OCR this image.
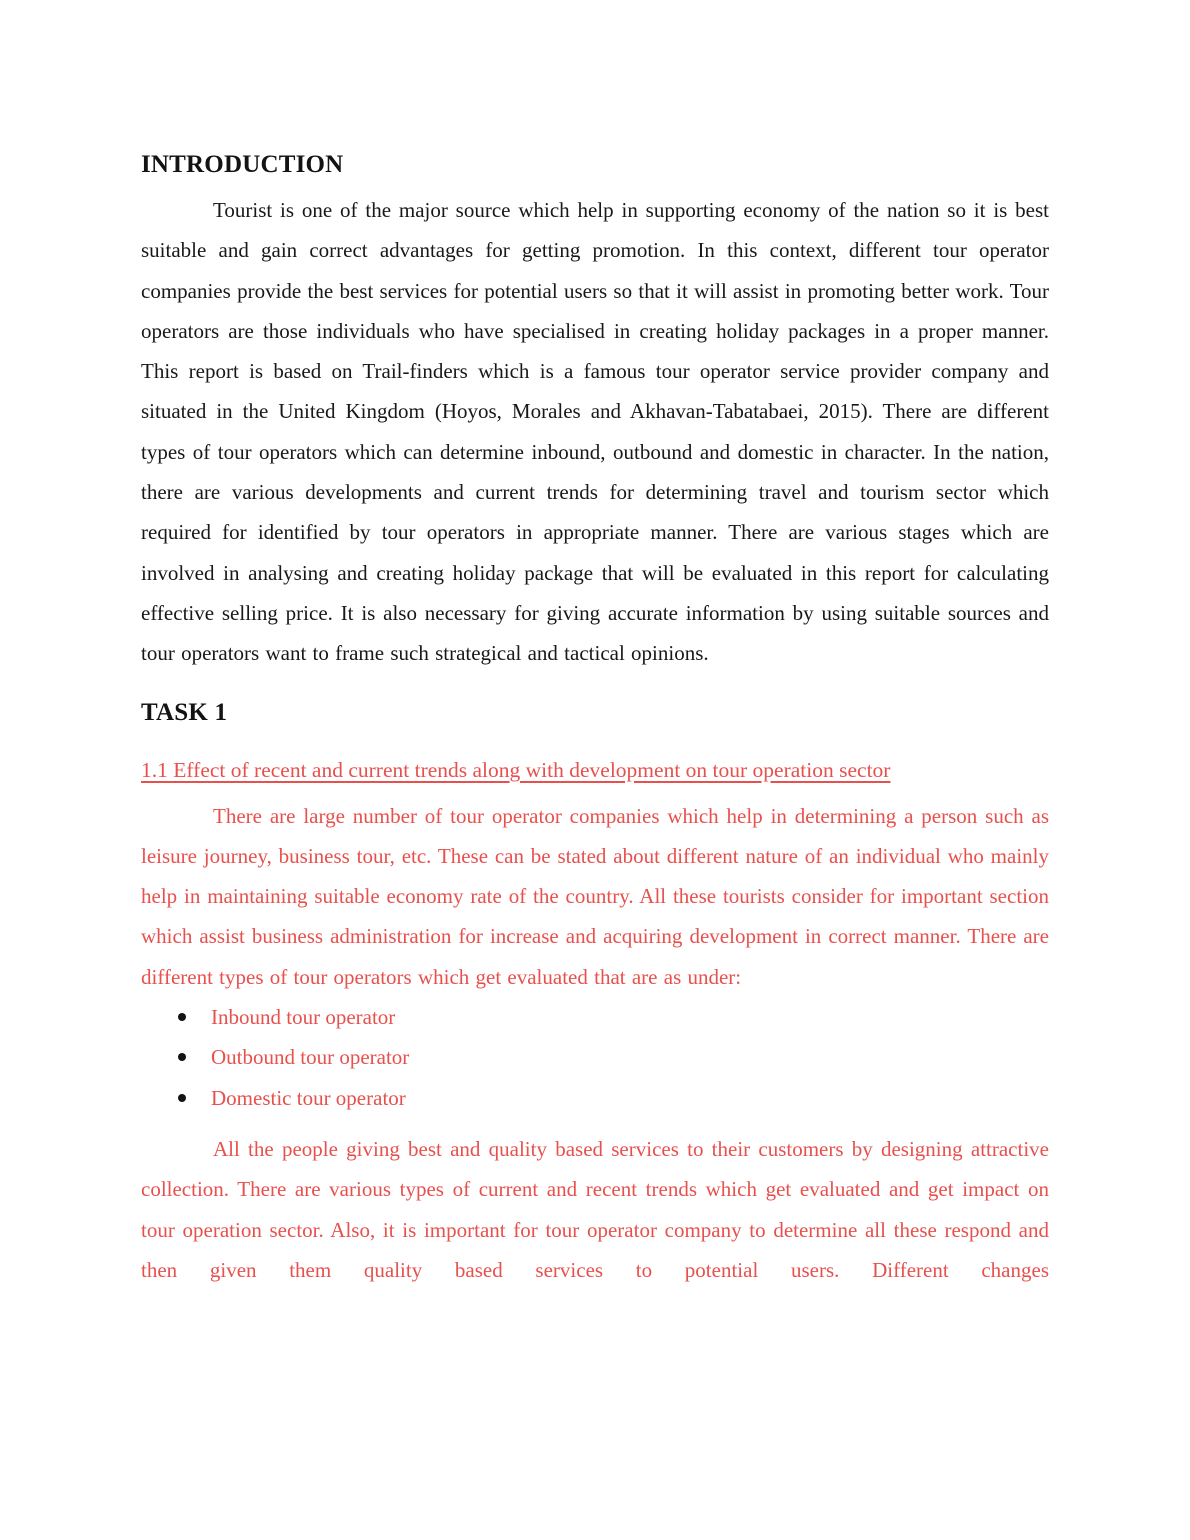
INTRODUCTION

Tourist is one of the major source which help in supporting economy of the nation so it is best suitable and gain correct advantages for getting promotion. In this context, different tour operator companies provide the best services for potential users so that it will assist in promoting better work. Tour operators are those individuals who have specialised in creating holiday packages in a proper manner. This report is based on Trail-finders which is a famous tour operator service provider company and situated in the United Kingdom (Hoyos, Morales and Akhavan-Tabatabaei, 2015). There are different types of tour operators which can determine inbound, outbound and domestic in character. In the nation, there are various developments and current trends for determining travel and tourism sector which required for identified by tour operators in appropriate manner. There are various stages which are involved in analysing and creating holiday package that will be evaluated in this report for calculating effective selling price. It is also necessary for giving accurate information by using suitable sources and tour operators want to frame such strategical and tactical opinions.

TASK 1
1.1 Effect of recent and current trends along with development on tour operation sector

There are large number of tour operator companies which help in determining a person such as leisure journey, business tour, etc. These can be stated about different nature of an individual who mainly help in maintaining suitable economy rate of the country. All these tourists consider for important section which assist business administration for increase and acquiring development in correct manner. There are different types of tour operators which get evaluated that are as under:

Inbound tour operator
Outbound tour operator
Domestic tour operator

All the people giving best and quality based services to their customers by designing attractive collection. There are various types of current and recent trends which get evaluated and get impact on tour operation sector. Also, it is important for tour operator company to determine all these respond and then given them quality based services to potential users. Different changes
